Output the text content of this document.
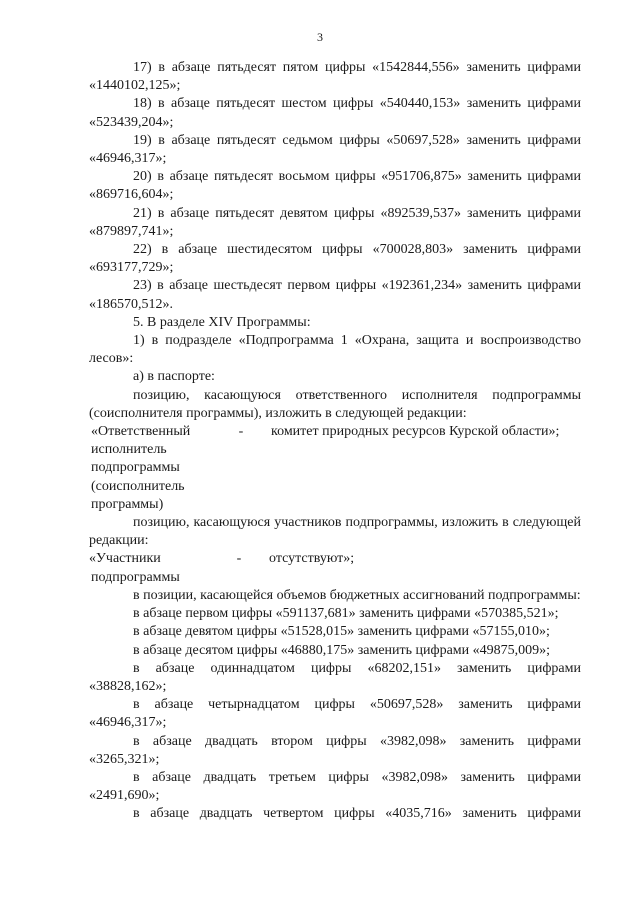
3

17) в абзаце пятьдесят пятом цифры «1542844,556» заменить цифрами «1440102,125»;

18) в абзаце пятьдесят шестом цифры «540440,153» заменить цифрами «523439,204»;

19) в абзаце пятьдесят седьмом цифры «50697,528» заменить цифрами «46946,317»;

20) в абзаце пятьдесят восьмом цифры «951706,875» заменить цифрами «869716,604»;

21) в абзаце пятьдесят девятом цифры «892539,537» заменить цифрами «879897,741»;

22) в абзаце шестидесятом цифры «700028,803» заменить цифрами «693177,729»;

23) в абзаце шестьдесят первом цифры «192361,234» заменить цифрами «186570,512».

5. В разделе XIV Программы:

1) в подразделе «Подпрограмма 1 «Охрана, защита и воспроизводство лесов»:

а) в паспорте:

позицию, касающуюся ответственного исполнителя подпрограммы (соисполнителя программы), изложить в следующей редакции:

«Ответственный	-	комитет природных ресурсов Курской области»;
исполнитель
подпрограммы
(соисполнитель
программы)

позицию, касающуюся участников подпрограммы, изложить в следующей редакции:

«Участники	-	отсутствуют»;
подпрограммы

в позиции, касающейся объемов бюджетных ассигнований подпрограммы:

в абзаце первом цифры «591137,681» заменить цифрами «570385,521»;

в абзаце девятом цифры «51528,015» заменить цифрами «57155,010»;

в абзаце десятом цифры «46880,175» заменить цифрами «49875,009»;

в абзаце одиннадцатом цифры «68202,151» заменить цифрами «38828,162»;

в абзаце четырнадцатом цифры «50697,528» заменить цифрами «46946,317»;

в абзаце двадцать втором цифры «3982,098» заменить цифрами «3265,321»;

в абзаце двадцать третьем цифры «3982,098» заменить цифрами «2491,690»;

в абзаце двадцать четвертом цифры «4035,716» заменить цифрами
